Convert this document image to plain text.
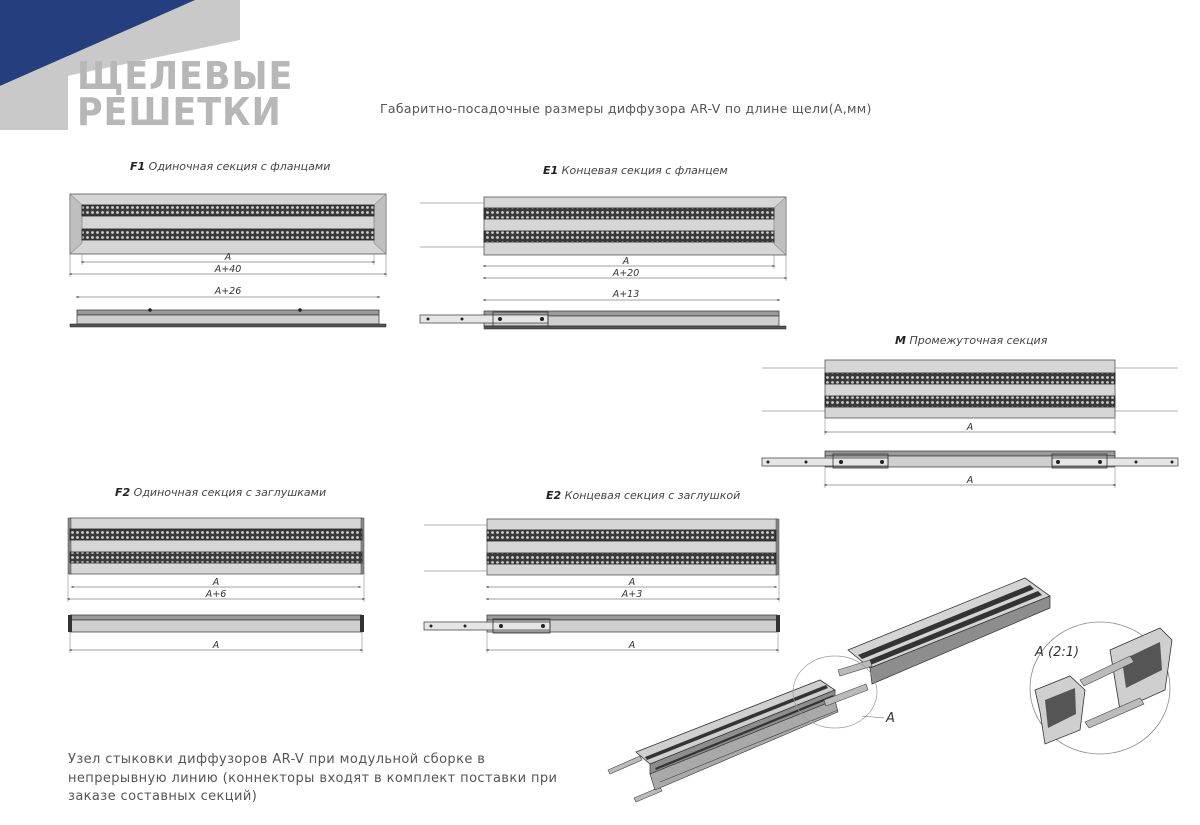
ЩЕЛЕВЫЕ
РЕШЕТКИ	Габаритно-посадочные размеры диффузора AR-V по длине щели(А,мм)
F1 Одиночная секция с фланцами	E1 Концевая секция с фланцем
M Промежуточная секция
F2 Одиночная секция с заглушками	E2 Концевая секция с заглушкой
A
A+40
A+26
A
A+20
A+13
A
A
A
A+6
A
A
A+3
A
A
A (2:1)
Узел стыковки диффузоров AR-V при модульной сборке в непрерывную линию (коннекторы входят в комплект поставки при заказе составных секций)
